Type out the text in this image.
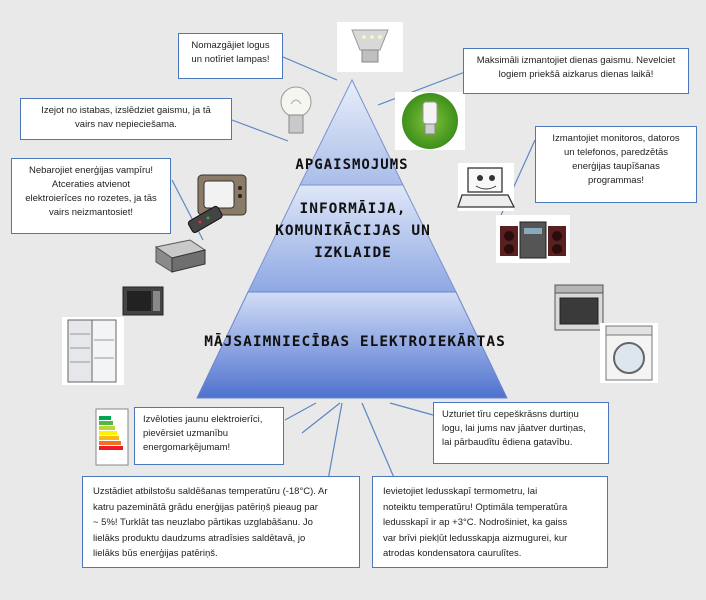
APGAISMOJUMS
INFORMĀIJA,
KOMUNIKĀCIJAS UN
IZKLAIDE
MĀJSAIMNIECĪBAS ELEKTROIEKĀRTAS
Nomazgājiet logus
un notīriet lampas!	Maksimāli izmantojiet dienas gaismu. Nevelciet
logiem priekšā aizkarus dienas laikā!
Izejot no istabas, izslēdziet gaismu, ja tā
vairs nav nepieciešama.
Izmantojiet monitoros, datoros
un telefonos, paredzētās
enerģijas taupīšanas
programmas!
Nebarojiet enerģijas vampīru!
Atceraties atvienot
elektroierīces no rozetes, ja tās
vairs neizmantosiet!
Izvēloties jaunu elektroierīci,
pievērsiet uzmanību
energomarķējumam!
Uzturiet tīru cepeškrāsns durtiņu
logu, lai jums nav jāatver durtiņas,
lai pārbaudītu ēdiena gatavību.
Uzstādiet atbilstošu saldēšanas temperatūru (-18°C). Ar
katru pazeminātā grādu enerģijas patēriņš pieaug par
~ 5%! Turklāt tas neuzlabo pārtikas uzglabāšanu. Jo
lielāks produktu daudzums atradīsies saldētavā, jo
lielāks būs enerģijas patēriņš.
Ievietojiet ledusskapī termometru, lai
noteiktu temperatūru! Optimāla temperatūra
ledusskapī ir ap +3°C. Nodrošiniet, ka gaiss
var brīvi piekļūt ledusskapja aizmugurei, kur
atrodas kondensatora caurulītes.
